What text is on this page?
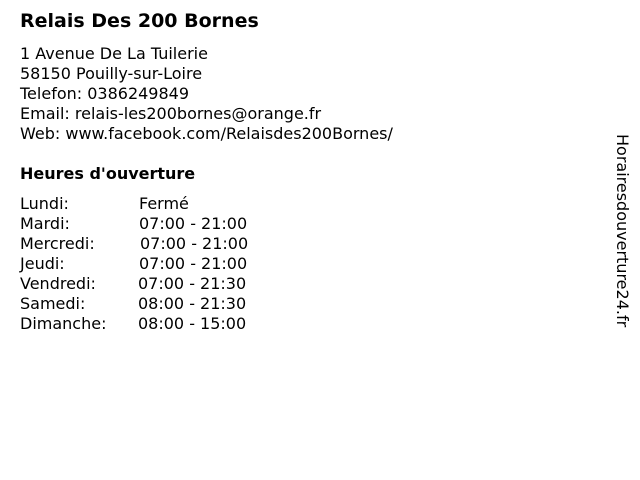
Relais Des 200 Bornes
1 Avenue De La Tuilerie
58150 Pouilly-sur-Loire
Telefon: 0386249849
Email: relais-les200bornes@orange.fr
Web: www.facebook.com/Relaisdes200Bornes/
Heures d'ouverture
Lundi:	Fermé
Mardi:	07:00 - 21:00
Mercredi:	07:00 - 21:00
Jeudi:	07:00 - 21:00
Vendredi:	07:00 - 21:30
Samedi:	08:00 - 21:30
Dimanche: 08:00 - 15:00	Horairesdouverture24.fr
